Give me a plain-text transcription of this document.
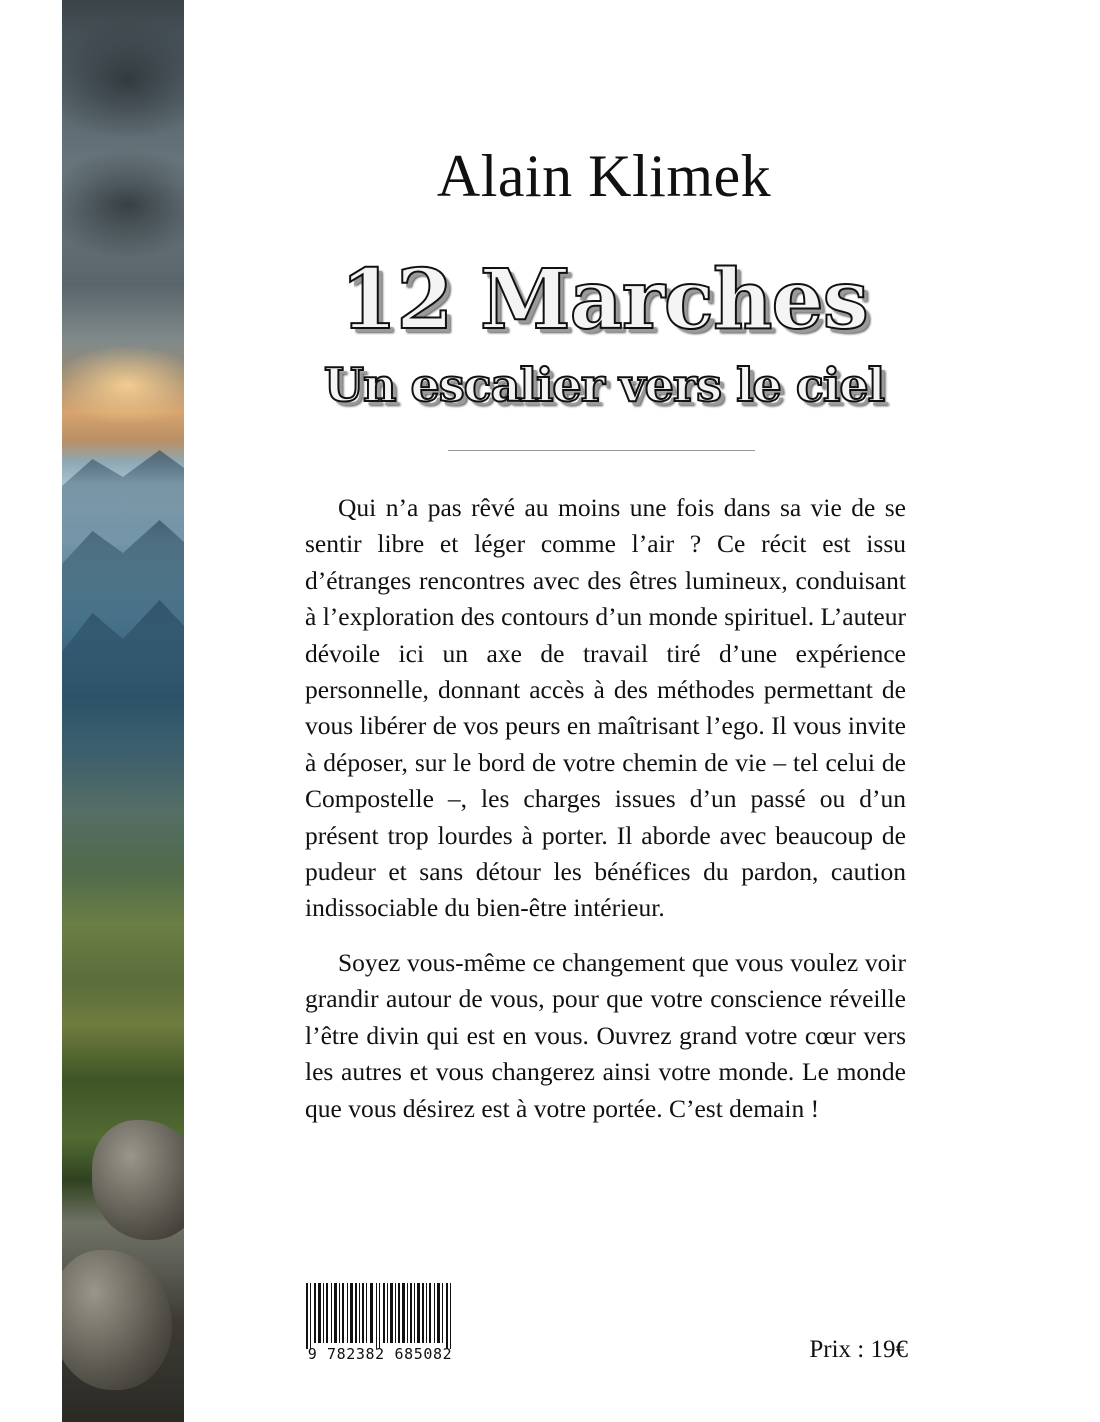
Alain Klimek
12 Marches
Un escalier vers le ciel

Qui n’a pas rêvé au moins une fois dans sa vie de se sentir libre et léger comme l’air ? Ce récit est issu d’étranges rencontres avec des êtres lumineux, conduisant à l’exploration des contours d’un monde spirituel. L’auteur dévoile ici un axe de travail tiré d’une expérience personnelle, donnant accès à des méthodes permettant de vous libérer de vos peurs en maîtrisant l’ego. Il vous invite à déposer, sur le bord de votre chemin de vie – tel celui de Compostelle –, les charges issues d’un passé ou d’un présent trop lourdes à porter. Il aborde avec beaucoup de pudeur et sans détour les bénéfices du pardon, caution indissociable du bien-être intérieur.

Soyez vous-même ce changement que vous voulez voir grandir autour de vous, pour que votre conscience réveille l’être divin qui est en vous. Ouvrez grand votre cœur vers les autres et vous changerez ainsi votre monde. Le monde que vous désirez est à votre portée. C’est demain !

9 782382 685082	Prix : 19€
